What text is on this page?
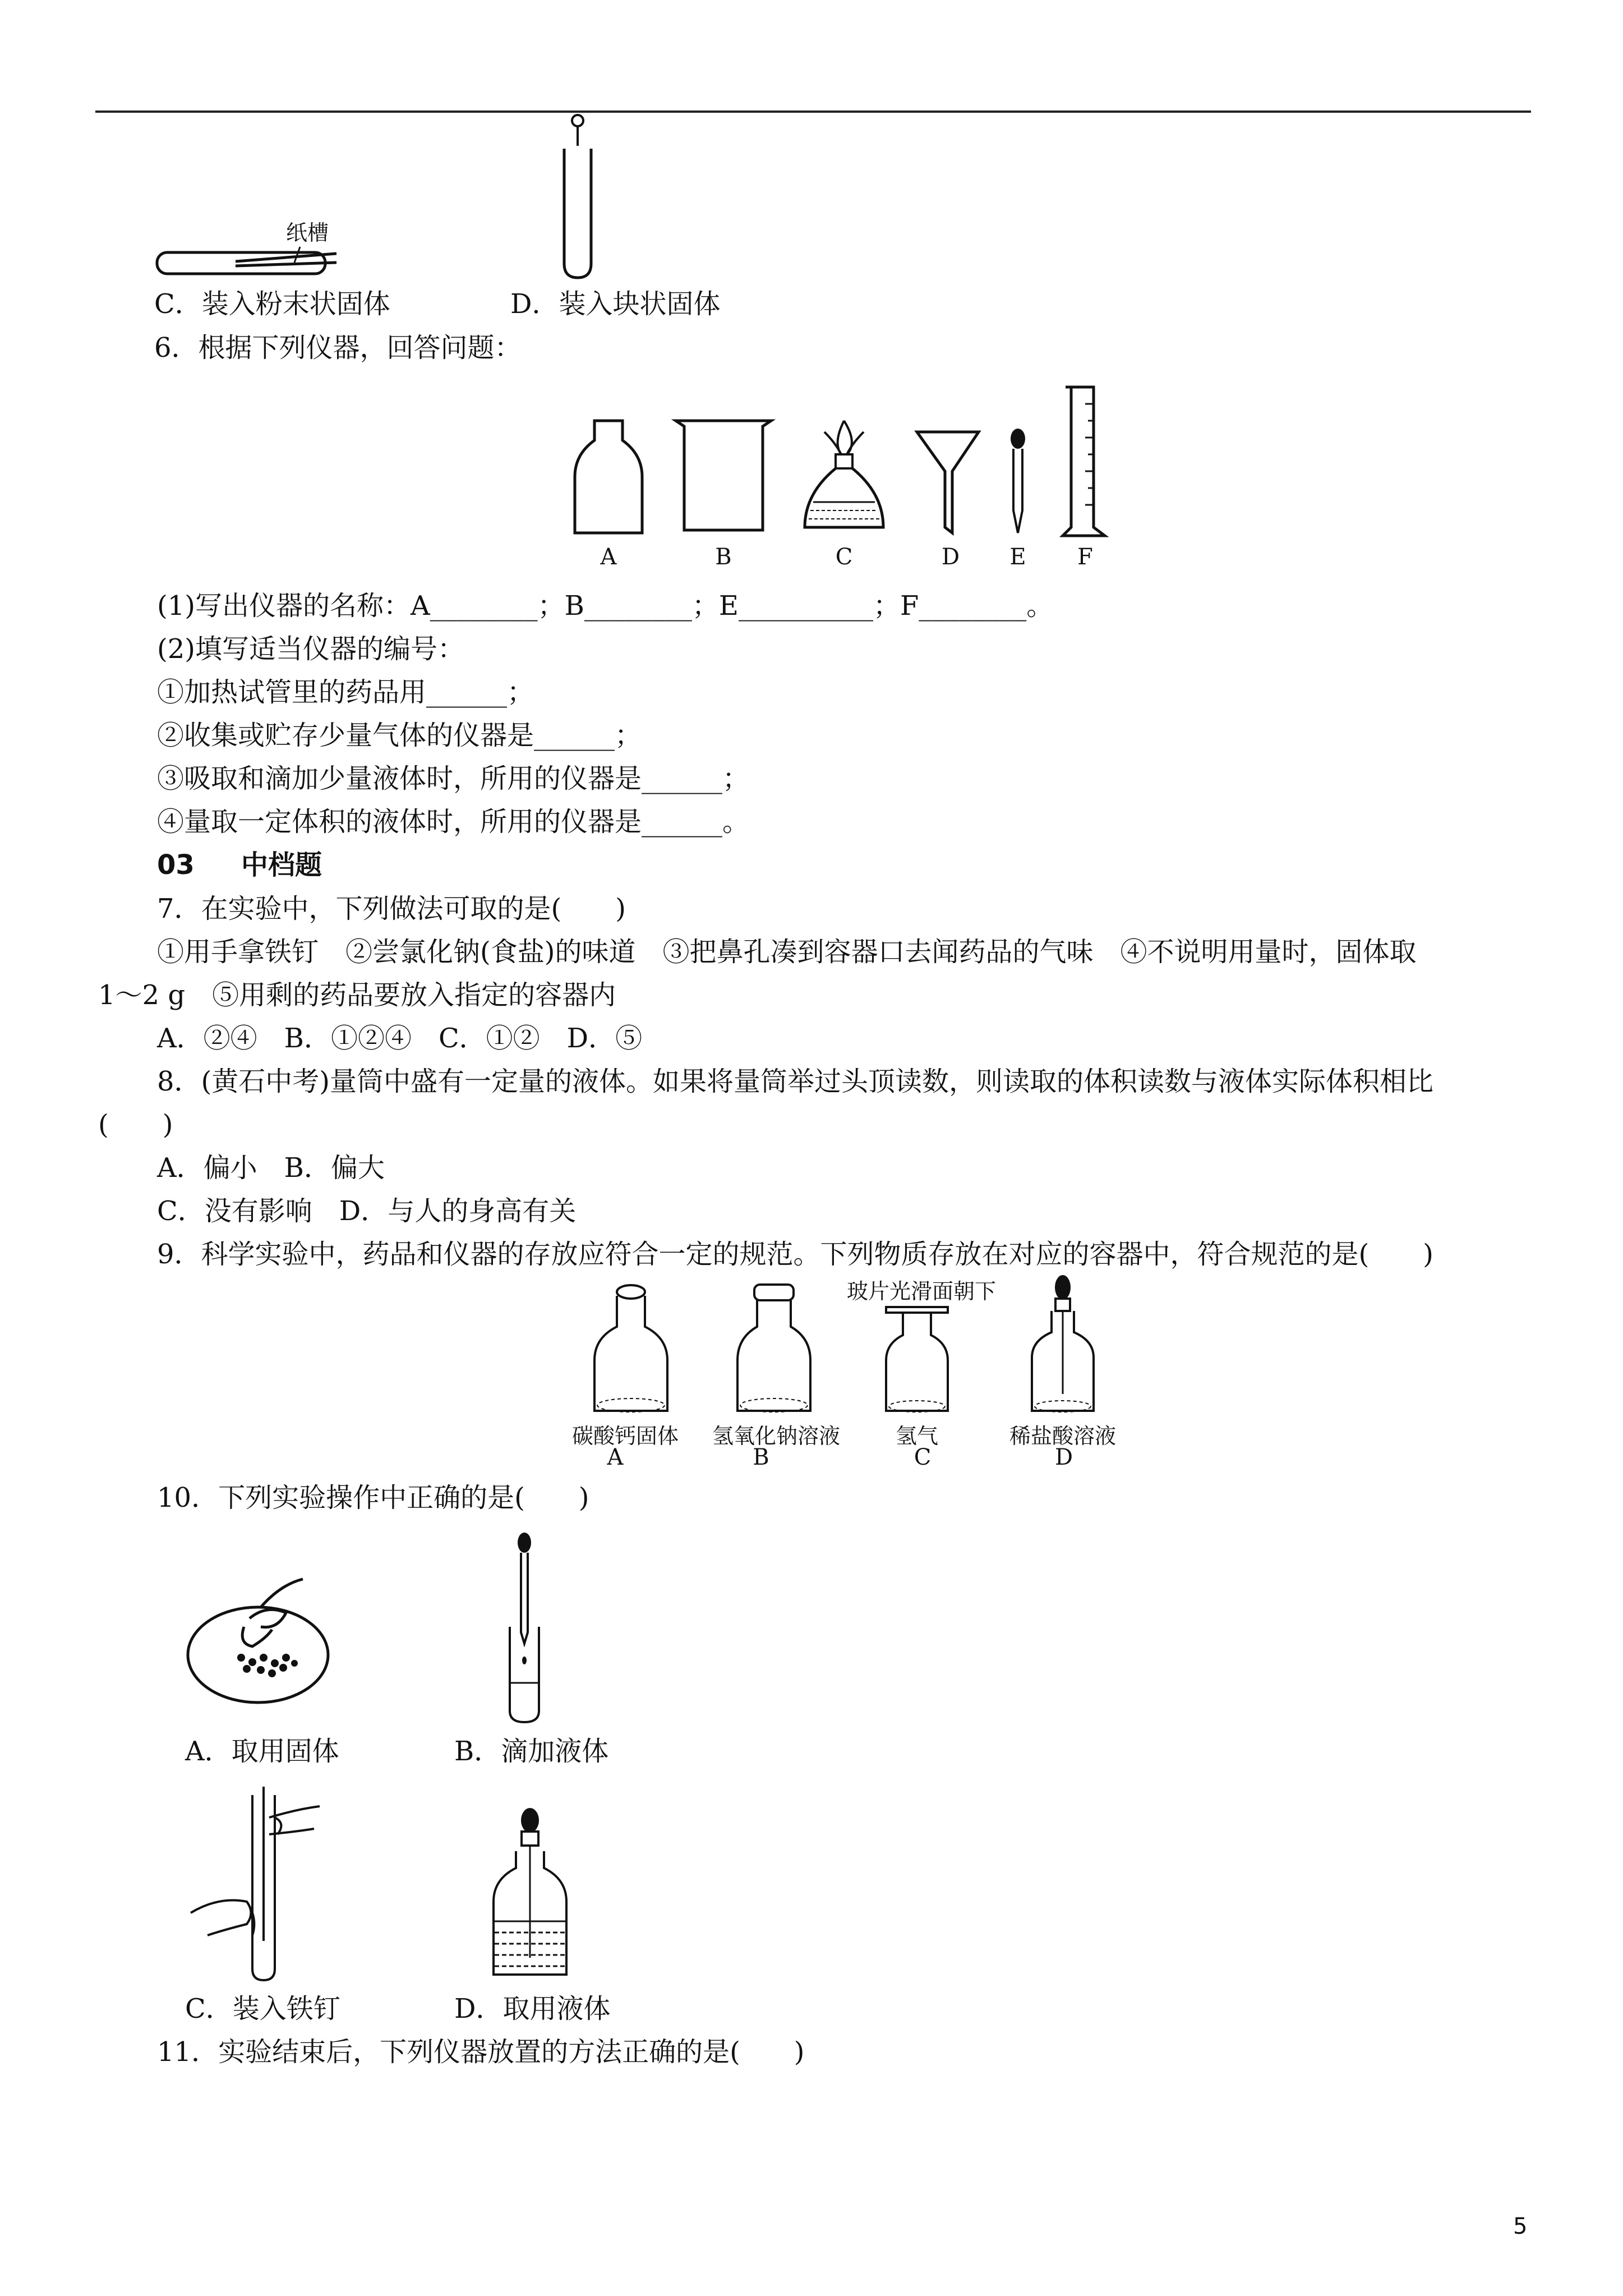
纸槽
C．装入粉末状固体	D．装入块状固体
6．根据下列仪器，回答问题：
A	B	C	D	E	F
(1)写出仪器的名称：A________；B________；E__________；F________。
(2)填写适当仪器的编号：
①加热试管里的药品用______；
②收集或贮存少量气体的仪器是______；
③吸取和滴加少量液体时，所用的仪器是______；
④量取一定体积的液体时，所用的仪器是______。
03 中档题
7．在实验中，下列做法可取的是(　　)
①用手拿铁钉　②尝氯化钠(食盐)的味道　③把鼻孔凑到容器口去闻药品的气味　④不说明用量时，固体取
1～2 g　⑤用剩的药品要放入指定的容器内
A．②④　B．①②④　C．①②　D．⑤
8．(黄石中考)量筒中盛有一定量的液体。如果将量筒举过头顶读数，则读取的体积读数与液体实际体积相比
(　　)
A．偏小　B．偏大
C．没有影响　D．与人的身高有关
9．科学实验中，药品和仪器的存放应符合一定的规范。下列物质存放在对应的容器中，符合规范的是(　　)
玻片光滑面朝下
碳酸钙固体 氢氧化钠溶液	氢气	稀盐酸溶液
A	B	C	D
10．下列实验操作中正确的是(　　)
A．取用固体	B．滴加液体
C．装入铁钉	D．取用液体
11．实验结束后，下列仪器放置的方法正确的是(　　)
5
